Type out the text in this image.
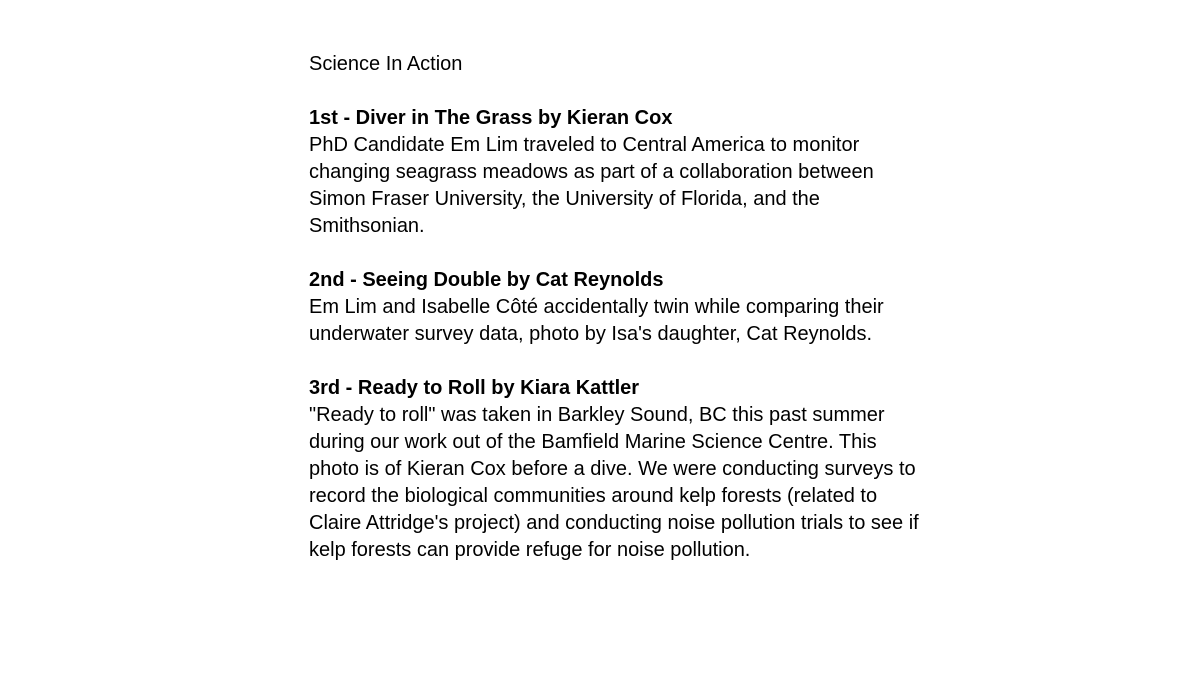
Science In Action
1st - Diver in The Grass by Kieran Cox
PhD Candidate Em Lim traveled to Central America to monitor changing seagrass meadows as part of a collaboration between Simon Fraser University, the University of Florida, and the Smithsonian.
2nd - Seeing Double by Cat Reynolds
Em Lim and Isabelle Côté accidentally twin while comparing their underwater survey data, photo by Isa's daughter, Cat Reynolds.
3rd - Ready to Roll by Kiara Kattler
"Ready to roll" was taken in Barkley Sound, BC this past summer during our work out of the Bamfield Marine Science Centre. This photo is of Kieran Cox before a dive. We were conducting surveys to record the biological communities around kelp forests (related to Claire Attridge's project) and conducting noise pollution trials to see if kelp forests can provide refuge for noise pollution.
